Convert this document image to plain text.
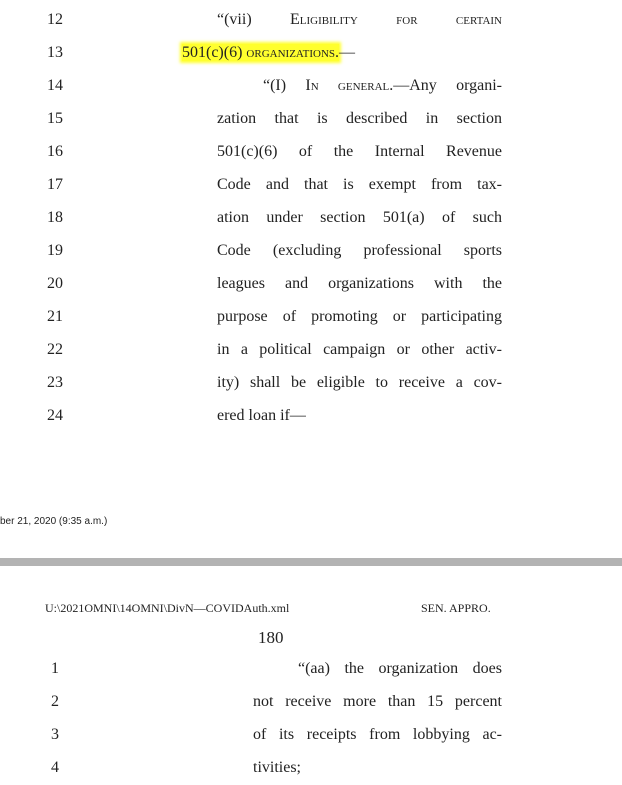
12	“(vii) Eligibility for certain
13	501(c)(6) organizations.—
14	“(I) In general.—Any organi-
15	zation that is described in section
16	501(c)(6) of the Internal Revenue
17	Code and that is exempt from tax-
18	ation under section 501(a) of such
19	Code (excluding professional sports
20	leagues and organizations with the
21	purpose of promoting or participating
22	in a political campaign or other activ-
23	ity) shall be eligible to receive a cov-
24	ered loan if—
ber 21, 2020 (9:35 a.m.)
U:\2021OMNI\14OMNI\DivN—COVIDAuth.xml	SEN. APPRO.
180
1	“(aa) the organization does
2	not receive more than 15 percent
3	of its receipts from lobbying ac-
4	tivities;
